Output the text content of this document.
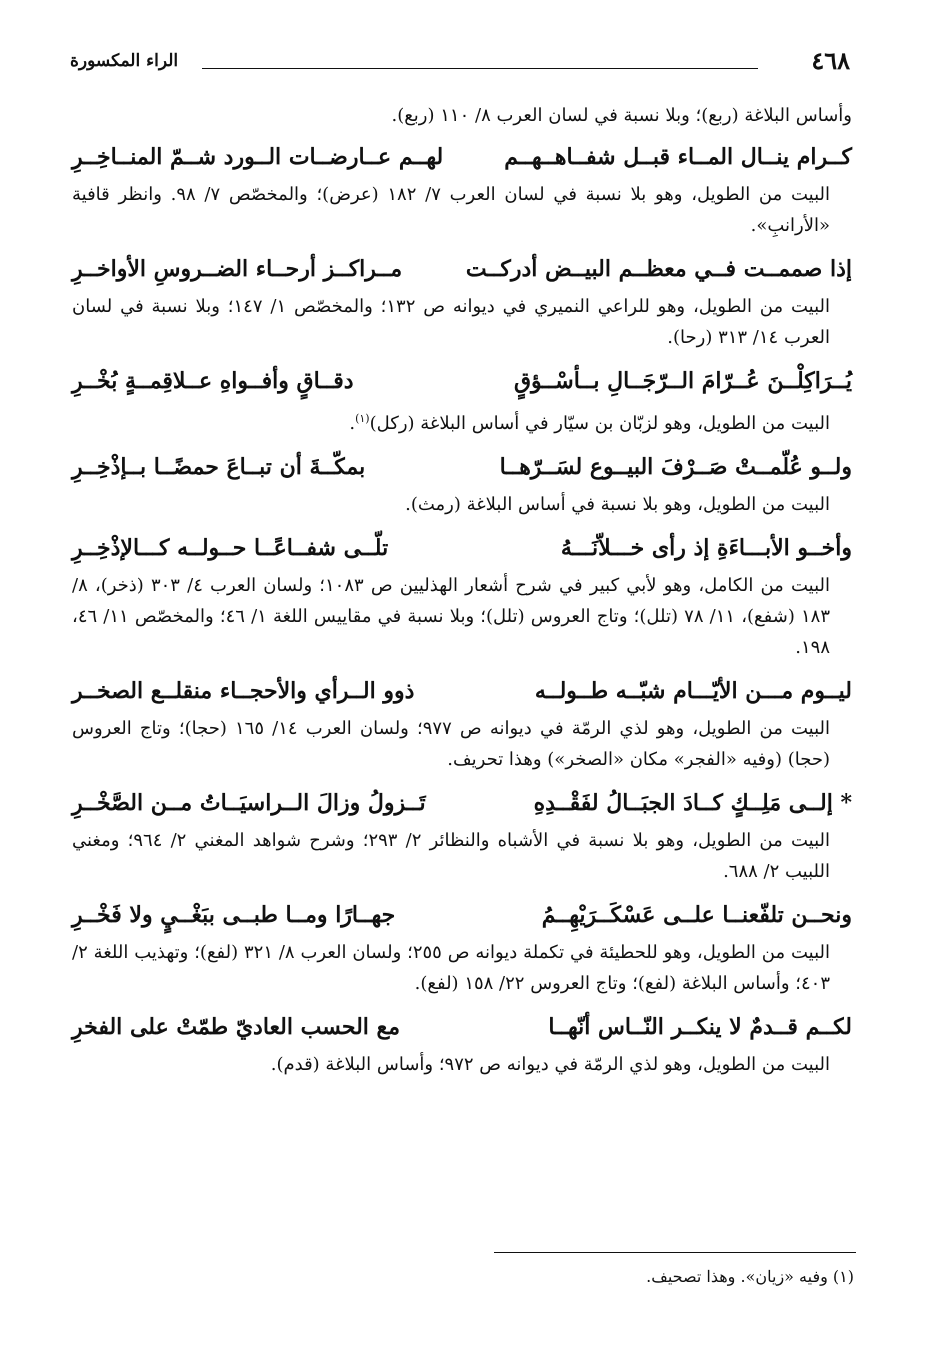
٤٦٨
الراء المكسورة

وأساس البلاغة (ربع)؛ وبلا نسبة في لسان العرب ٨/ ١١٠ (ربع).

كــرام ينــال المــاء قبــل شفــاهــهــم
لهــم عــارضــات الــورد شــمّ المنــاخِــرِ

البيت من الطويل، وهو بلا نسبة في لسان العرب ٧/ ١٨٢ (عرض)؛ والمخصّص ٧/ ٩٨. وانظر قافية «الأرانبِ».

إذا صممــت فــي معظــم البيــض أدركــت
مــراكــز أرحــاء الضــروسِ الأواخــرِ

البيت من الطويل، وهو للراعي النميري في ديوانه ص ١٣٢؛ والمخصّص ١/ ١٤٧؛ وبلا نسبة في لسان العرب ١٤/ ٣١٣ (رحا).

يُــرَاكِلْــنَ عُــرّامَ الــرّجَــالِ بــأسْــؤقٍ
دقــاقٍ وأفــواهِ عــلاقِمــةٍ بُخْــرِ

البيت من الطويل، وهو لزبّان بن سيّار في أساس البلاغة (ركل)$^{(١)}$.

ولــو عُلّمــتْ صَــرْفَ البيــوع لسَــرّهــا
بمكّــةَ أن تبــاعَ حمضًــا بــإذْخِــرِ

البيت من الطويل، وهو بلا نسبة في أساس البلاغة (رمث).

وأخــو الأبـــاءَةِ إذ رأى خـــلاّنَـــهُ
تلّــى شفــاعًــا حــولــه كـــالإذْخِــرِ

البيت من الكامل، وهو لأبي كبير في شرح أشعار الهذليين ص ١٠٨٣؛ ولسان العرب ٤/ ٣٠٣ (ذخر)، ٨/ ١٨٣ (شفع)، ١١/ ٧٨ (تلل)؛ وتاج العروس (تلل)؛ وبلا نسبة في مقاييس اللغة ١/ ٤٦؛ والمخصّص ١١/ ٤٦، ١٩٨.

ليــوم مـــن الأيّـــام شبّــه طــولــه
ذوو الــرأي والأحجــاء منقلــع الصخــر

البيت من الطويل، وهو لذي الرمّة في ديوانه ص ٩٧٧؛ ولسان العرب ١٤/ ١٦٥ (حجا)؛ وتاج العروس (حجا) (وفيه «الفجر» مكان «الصخر») وهذا تحريف.

* إلــى مَلِــكٍ كــادَ الجبَــالُ لفَقْــدِهِ
تَــزولُ وزالَ الــراسيَــاتُ مــن الصَّخْــرِ

البيت من الطويل، وهو بلا نسبة في الأشباه والنظائر ٢/ ٢٩٣؛ وشرح شواهد المغني ٢/ ٩٦٤؛ ومغني اللبيب ٢/ ٦٨٨.

ونحــن تلفّعنــا علــى عَسْكَــرَيْهِــمُ
جهــارًا ومــا طبــى ببَغْــيٍ ولا فَخْــرِ

البيت من الطويل، وهو للحطيئة في تكملة ديوانه ص ٢٥٥؛ ولسان العرب ٨/ ٣٢١ (لفع)؛ وتهذيب اللغة ٢/ ٤٠٣؛ وأساس البلاغة (لفع)؛ وتاج العروس ٢٢/ ١٥٨ (لفع).

لكــم قــدمٌ لا ينكــر النّــاس أنّهــا
مع الحسب العاديّ طمّتْ على الفخرِ

البيت من الطويل، وهو لذي الرمّة في ديوانه ص ٩٧٢؛ وأساس البلاغة (قدم).

(١) وفيه «زيان». وهذا تصحيف.
